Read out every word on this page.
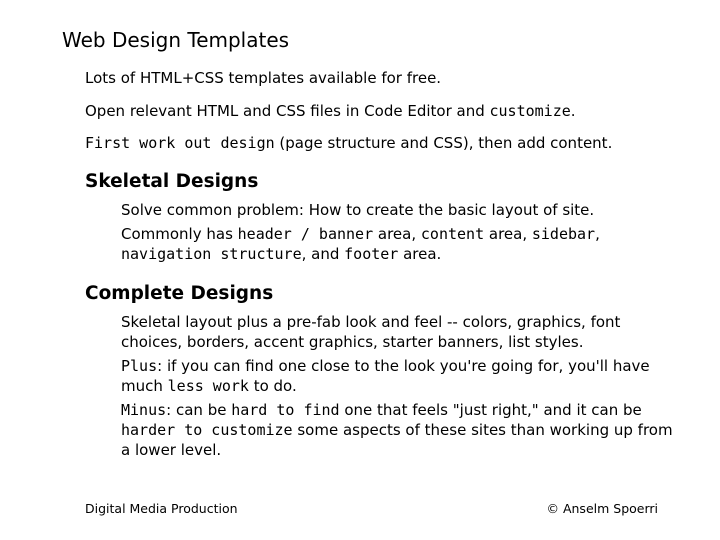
Web Design Templates
Lots of HTML+CSS templates available for free.
Open relevant HTML and CSS files in Code Editor and customize.
First work out design (page structure and CSS), then add content.
Skeletal Designs
Solve common problem: How to create the basic layout of site.
Commonly has header / banner area, content area, sidebar, navigation structure, and footer area.
Complete Designs
Skeletal layout plus a pre-fab look and feel -- colors, graphics, font choices, borders, accent graphics, starter banners, list styles.
Plus: if you can find one close to the look you're going for, you'll have much less work to do.
Minus: can be hard to find one that feels "just right," and it can be harder to customize some aspects of these sites than working up from a lower level.
Digital Media Production	© Anselm Spoerri
